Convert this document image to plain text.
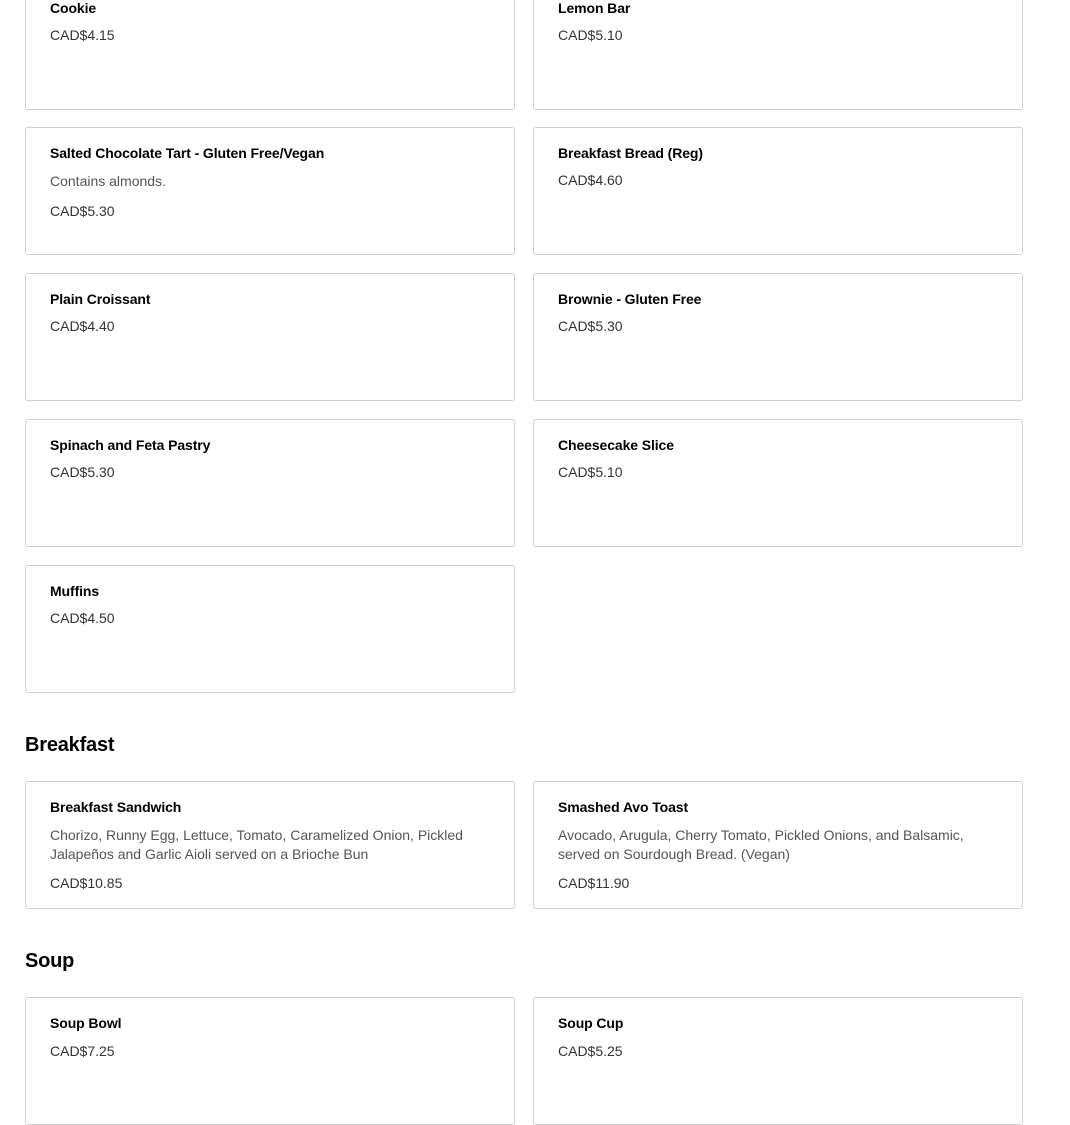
Cookie
CAD$4.15
Lemon Bar
CAD$5.10
Salted Chocolate Tart - Gluten Free/Vegan
Contains almonds.
CAD$5.30
Breakfast Bread (Reg)
CAD$4.60
Plain Croissant
CAD$4.40
Brownie - Gluten Free
CAD$5.30
Spinach and Feta Pastry
CAD$5.30
Cheesecake Slice
CAD$5.10
Muffins
CAD$4.50
Breakfast
Breakfast Sandwich
Chorizo, Runny Egg, Lettuce, Tomato, Caramelized Onion, Pickled Jalapeños and Garlic Aioli served on a Brioche Bun
CAD$10.85
Smashed Avo Toast
Avocado, Arugula, Cherry Tomato, Pickled Onions, and Balsamic, served on Sourdough Bread. (Vegan)
CAD$11.90
Soup
Soup Bowl
CAD$7.25
Soup Cup
CAD$5.25
